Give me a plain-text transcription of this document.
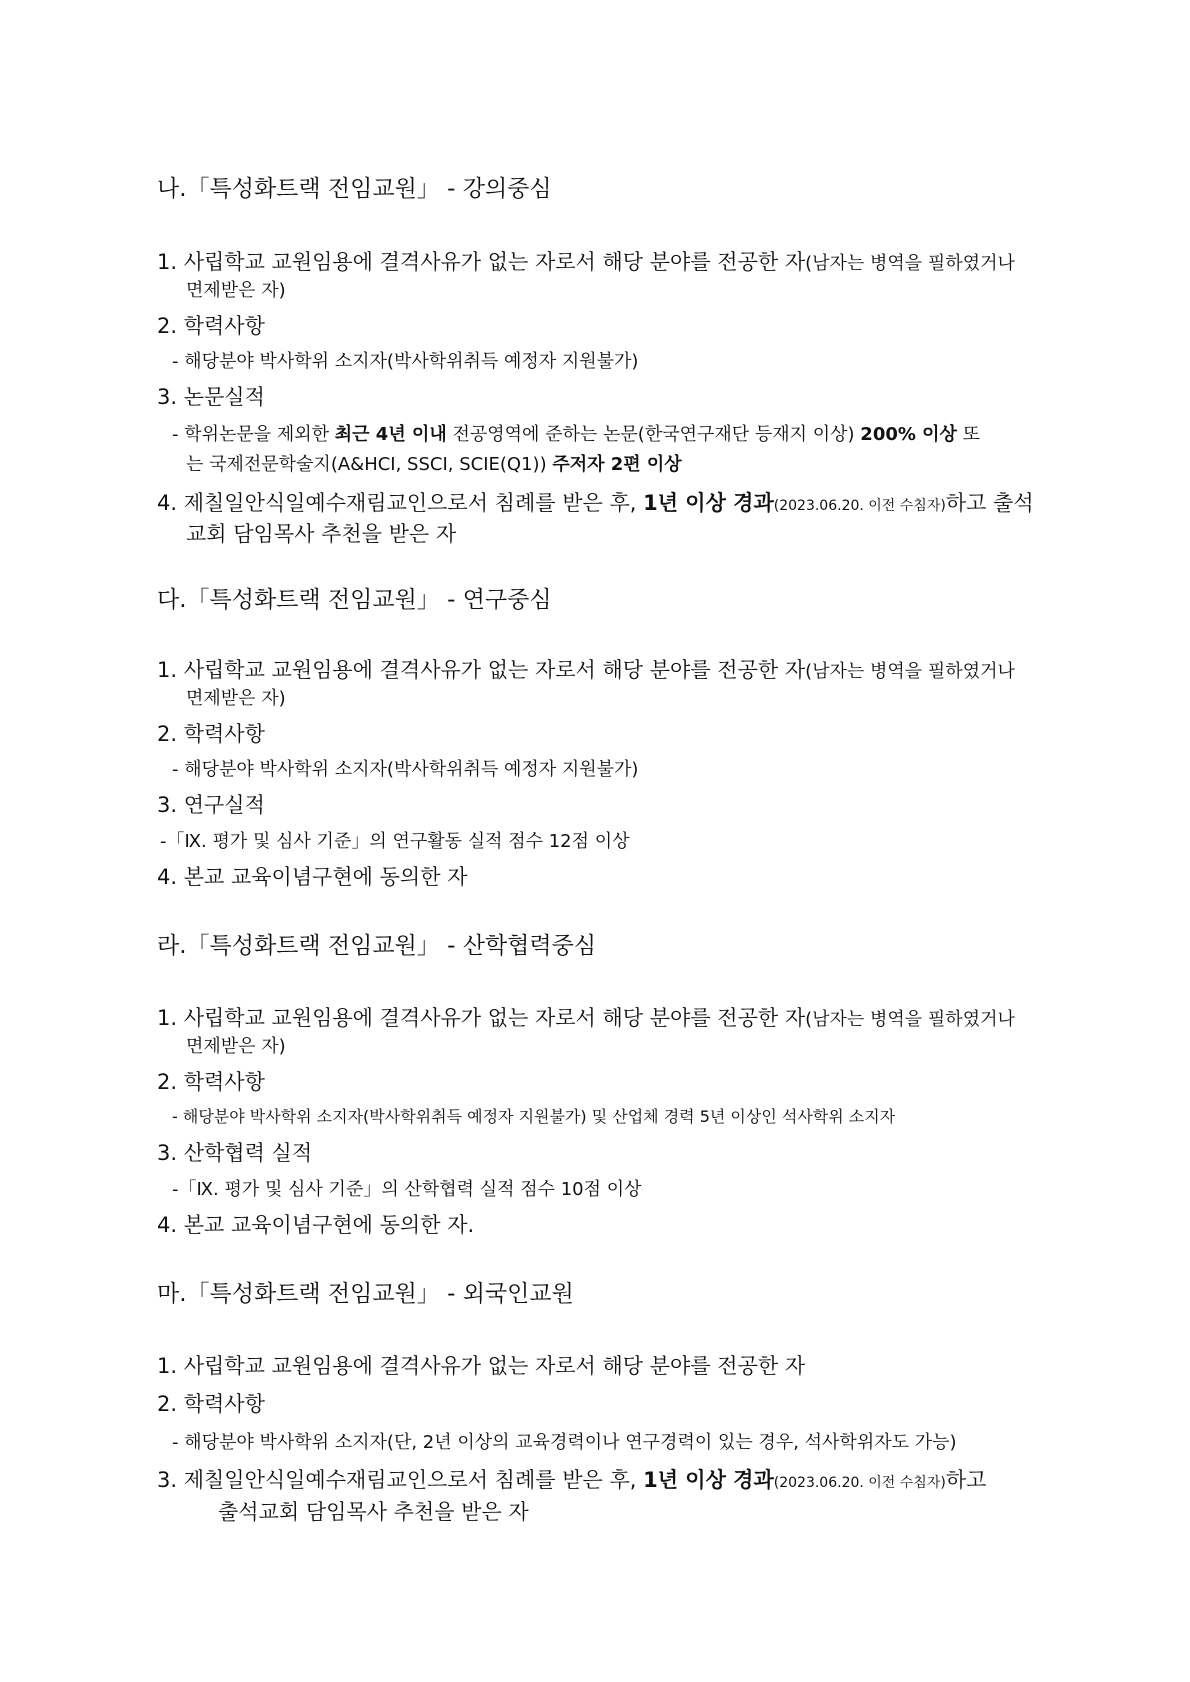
나.「특성화트랙 전임교원」 - 강의중심
1. 사립학교 교원임용에 결격사유가 없는 자로서 해당 분야를 전공한 자(남자는 병역을 필하였거나
면제받은 자)
2. 학력사항
- 해당분야 박사학위 소지자(박사학위취득 예정자 지원불가)
3. 논문실적
- 학위논문을 제외한 최근 4년 이내 전공영역에 준하는 논문(한국연구재단 등재지 이상) 200% 이상 또
는 국제전문학술지(A&HCI, SSCI, SCIE(Q1)) 주저자 2편 이상
4. 제칠일안식일예수재림교인으로서 침례를 받은 후, 1년 이상 경과(2023.06.20. 이전 수침자)하고 출석
교회 담임목사 추천을 받은 자
다.「특성화트랙 전임교원」 - 연구중심
1. 사립학교 교원임용에 결격사유가 없는 자로서 해당 분야를 전공한 자(남자는 병역을 필하였거나
면제받은 자)
2. 학력사항
- 해당분야 박사학위 소지자(박사학위취득 예정자 지원불가)
3. 연구실적
-「Ⅸ. 평가 및 심사 기준」의 연구활동 실적 점수 12점 이상
4. 본교 교육이념구현에 동의한 자
라.「특성화트랙 전임교원」 - 산학협력중심
1. 사립학교 교원임용에 결격사유가 없는 자로서 해당 분야를 전공한 자(남자는 병역을 필하였거나
면제받은 자)
2. 학력사항
- 해당분야 박사학위 소지자(박사학위취득 예정자 지원불가) 및 산업체 경력 5년 이상인 석사학위 소지자
3. 산학협력 실적
-「Ⅸ. 평가 및 심사 기준」의 산학협력 실적 점수 10점 이상
4. 본교 교육이념구현에 동의한 자.
마.「특성화트랙 전임교원」 - 외국인교원
1. 사립학교 교원임용에 결격사유가 없는 자로서 해당 분야를 전공한 자
2. 학력사항
- 해당분야 박사학위 소지자(단, 2년 이상의 교육경력이나 연구경력이 있는 경우, 석사학위자도 가능)
3. 제칠일안식일예수재림교인으로서 침례를 받은 후, 1년 이상 경과(2023.06.20. 이전 수침자)하고
출석교회 담임목사 추천을 받은 자
